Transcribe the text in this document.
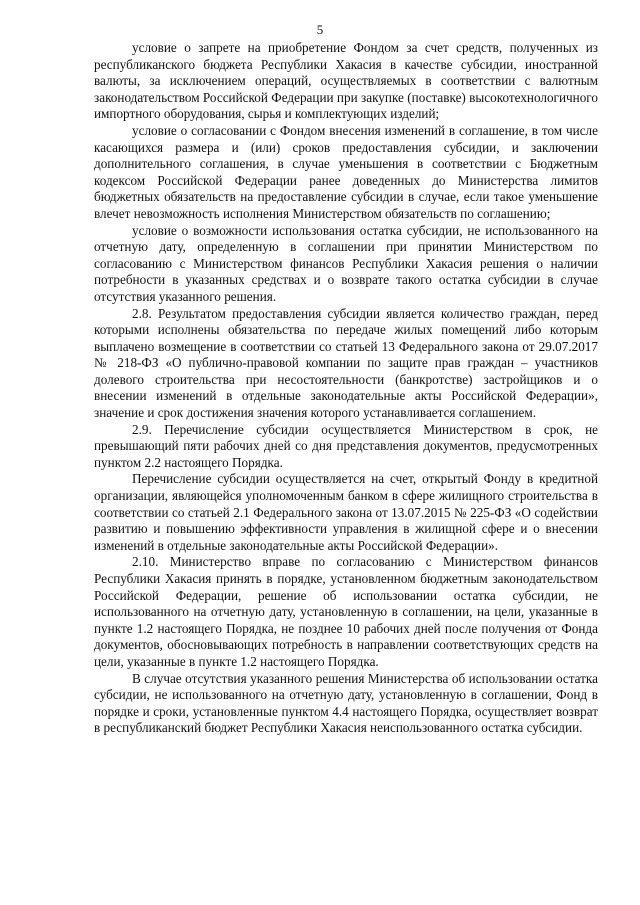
5

условие о запрете на приобретение Фондом за счет средств, полученных из республиканского бюджета Республики Хакасия в качестве субсидии, иностранной валюты, за исключением операций, осуществляемых в соответствии с валютным законодательством Российской Федерации при закупке (поставке) высокотехнологичного импортного оборудования, сырья и комплектующих изделий;

условие о согласовании с Фондом внесения изменений в соглашение, в том числе касающихся размера и (или) сроков предоставления субсидии, и заключении дополнительного соглашения, в случае уменьшения в соответствии с Бюджетным кодексом Российской Федерации ранее доведенных до Министерства лимитов бюджетных обязательств на предоставление субсидии в случае, если такое уменьшение влечет невозможность исполнения Министерством обязательств по соглашению;

условие о возможности использования остатка субсидии, не использованного на отчетную дату, определенную в соглашении при принятии Министерством по согласованию с Министерством финансов Республики Хакасия решения о наличии потребности в указанных средствах и о возврате такого остатка субсидии в случае отсутствия указанного решения.

2.8. Результатом предоставления субсидии является количество граждан, перед которыми исполнены обязательства по передаче жилых помещений либо которым выплачено возмещение в соответствии со статьей 13 Федерального закона от 29.07.2017 № 218-ФЗ «О публично-правовой компании по защите прав граждан – участников долевого строительства при несостоятельности (банкротстве) застройщиков и о внесении изменений в отдельные законодательные акты Российской Федерации», значение и срок достижения значения которого устанавливается соглашением.

2.9. Перечисление субсидии осуществляется Министерством в срок, не превышающий пяти рабочих дней со дня представления документов, предусмотренных пунктом 2.2 настоящего Порядка.

Перечисление субсидии осуществляется на счет, открытый Фонду в кредитной организации, являющейся уполномоченным банком в сфере жилищного строительства в соответствии со статьей 2.1 Федерального закона от 13.07.2015 № 225-ФЗ «О содействии развитию и повышению эффективности управления в жилищной сфере и о внесении изменений в отдельные законодательные акты Российской Федерации».

2.10. Министерство вправе по согласованию с Министерством финансов Республики Хакасия принять в порядке, установленном бюджетным законодательством Российской Федерации, решение об использовании остатка субсидии, не использованного на отчетную дату, установленную в соглашении, на цели, указанные в пункте 1.2 настоящего Порядка, не позднее 10 рабочих дней после получения от Фонда документов, обосновывающих потребность в направлении соответствующих средств на цели, указанные в пункте 1.2 настоящего Порядка.

В случае отсутствия указанного решения Министерства об использовании остатка субсидии, не использованного на отчетную дату, установленную в соглашении, Фонд в порядке и сроки, установленные пунктом 4.4 настоящего Порядка, осуществляет возврат в республиканский бюджет Республики Хакасия неиспользованного остатка субсидии.
